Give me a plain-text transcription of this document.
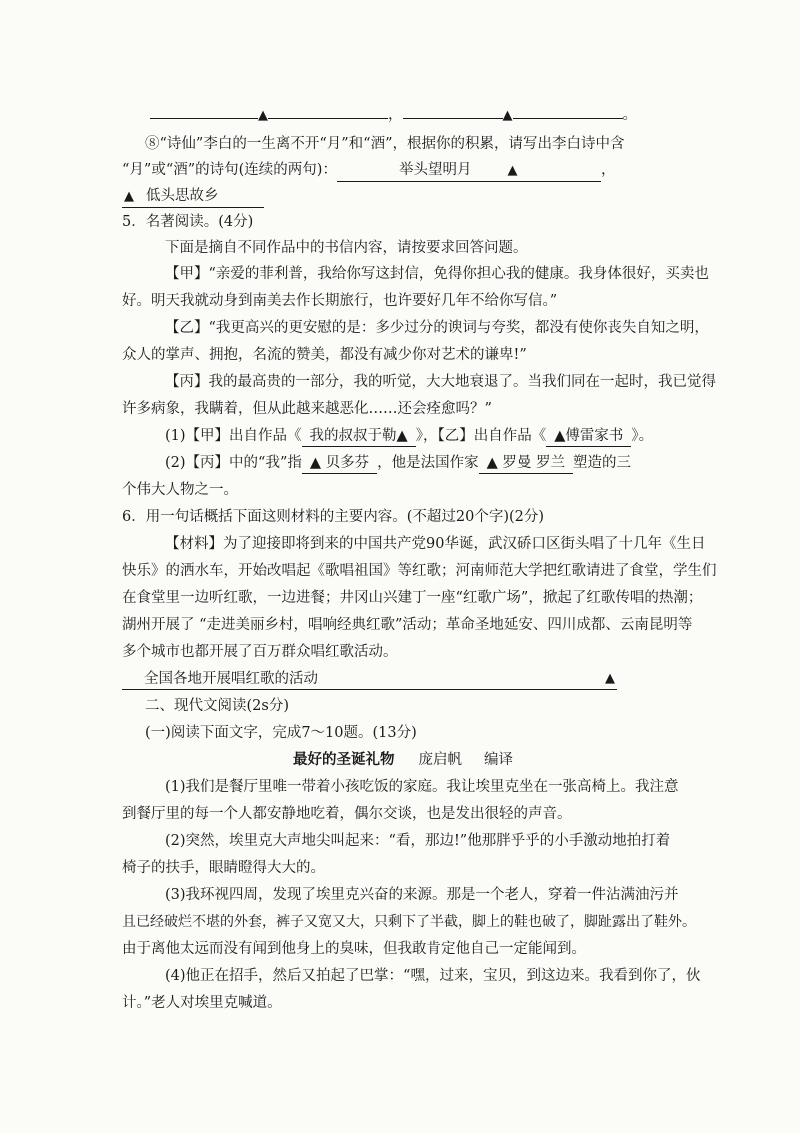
▲	，	▲	。
⑧“诗仙”李白的一生离不开“月”和“酒”，根据你的积累，请写出李白诗中含
“月”或“酒”的诗句(连续的两句)：	举头望明月	▲	，
▲ 低头思故乡
5．名著阅读。(4分)
下面是摘自不同作品中的书信内容，请按要求回答问题。
【甲】“亲爱的菲利普，我给你写这封信，免得你担心我的健康。我身体很好，买卖也
好。明天我就动身到南美去作长期旅行，也许要好几年不给你写信。”
【乙】“我更高兴的更安慰的是：多少过分的谀词与夸奖，都没有使你丧失自知之明，
众人的掌声、拥抱，名流的赞美，都没有减少你对艺术的谦卑!”
【丙】我的最高贵的一部分，我的听觉，大大地衰退了。当我们同在一起时，我已觉得
许多病象，我瞒着，但从此越来越恶化……还会痊愈吗？”
(1)【甲】出自作品《 我的叔叔于勒▲ 》，【乙】出自作品《 ▲傅雷家书 》。
(2)【丙】中的“我”指 ▲ 贝多芬 ，他是法国作家 ▲ 罗曼 罗兰 塑造的三
个伟大人物之一。
6．用一句话概括下面这则材料的主要内容。(不超过20个字)(2分)
【材料】为了迎接即将到来的中国共产党90华诞，武汉硚口区街头唱了十几年《生日
快乐》的洒水车，开始改唱起《歌唱祖国》等红歌；河南师范大学把红歌请进了食堂，学生们
在食堂里一边听红歌，一边进餐；井冈山兴建丁一座“红歌广场”，掀起了红歌传唱的热潮；
湖州开展了 “走进美丽乡村，唱响经典红歌”活动；革命圣地延安、四川成都、云南昆明等
多个城市也都开展了百万群众唱红歌活动。
全国各地开展唱红歌的活动	▲
二、现代文阅读(2s分)
(一)阅读下面文字，完成7～10题。(13分)
最好的圣诞礼物 庞启帆 编译
(1)我们是餐厅里唯一带着小孩吃饭的家庭。我让埃里克坐在一张高椅上。我注意
到餐厅里的每一个人都安静地吃着，偶尔交谈，也是发出很轻的声音。
(2)突然，埃里克大声地尖叫起来：“看，那边!”他那胖乎乎的小手激动地拍打着
椅子的扶手，眼睛瞪得大大的。
(3)我环视四周，发现了埃里克兴奋的来源。那是一个老人，穿着一件沾满油污并
且已经破烂不堪的外套，裤子又宽又大，只剩下了半截，脚上的鞋也破了，脚趾露出了鞋外。
由于离他太远而没有闻到他身上的臭味，但我敢肯定他自己一定能闻到。
(4)他正在招手，然后又拍起了巴掌：“嘿，过来，宝贝，到这边来。我看到你了，伙
计。”老人对埃里克喊道。
